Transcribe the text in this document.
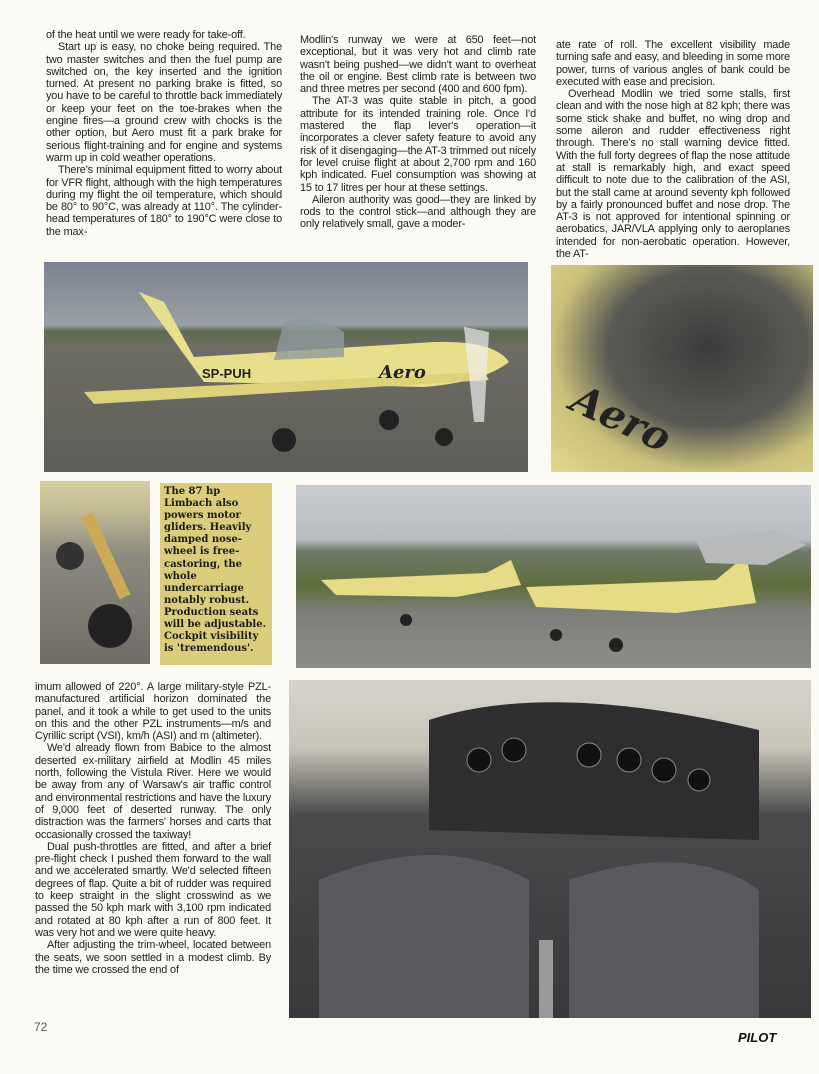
of the heat until we were ready for take-off.

Start up is easy, no choke being required. The two master switches and then the fuel pump are switched on, the key inserted and the ignition turned. At present no parking brake is fitted, so you have to be careful to throttle back immediately or keep your feet on the toe-brakes when the engine fires—a ground crew with chocks is the other option, but Aero must fit a park brake for serious flight-training and for engine and systems warm up in cold weather operations.

There's minimal equipment fitted to worry about for VFR flight, although with the high temperatures during my flight the oil temperature, which should be 80° to 90°C, was already at 110°. The cylinder-head temperatures of 180° to 190°C were close to the max-

Modlin's runway we were at 650 feet—not exceptional, but it was very hot and climb rate wasn't being pushed—we didn't want to overheat the oil or engine. Best climb rate is between two and three metres per second (400 and 600 fpm).

The AT-3 was quite stable in pitch, a good attribute for its intended training role. Once I'd mastered the flap lever's operation—it incorporates a clever safety feature to avoid any risk of it disengaging—the AT-3 trimmed out nicely for level cruise flight at about 2,700 rpm and 160 kph indicated. Fuel consumption was showing at 15 to 17 litres per hour at these settings.

Aileron authority was good—they are linked by rods to the control stick—and although they are only relatively small, gave a moder-

ate rate of roll. The excellent visibility made turning safe and easy, and bleeding in some more power, turns of various angles of bank could be executed with ease and precision.

Overhead Modlin we tried some stalls, first clean and with the nose high at 82 kph; there was some stick shake and buffet, no wing drop and some aileron and rudder effectiveness right through. There's no stall warning device fitted. With the full forty degrees of flap the nose attitude at stall is remarkably high, and exact speed difficult to note due to the calibration of the ASI, but the stall came at around seventy kph followed by a fairly pronounced buffet and nose drop. The AT-3 is not approved for intentional spinning or aerobatics, JAR/VLA applying only to aeroplanes intended for non-aerobatic operation. However, the AT-

imum allowed of 220°. A large military-style PZL-manufactured artificial horizon dominated the panel, and it took a while to get used to the units on this and the other PZL instruments—m/s and Cyrillic script (VSI), km/h (ASI) and m (altimeter).

We'd already flown from Babice to the almost deserted ex-military airfield at Modlin 45 miles north, following the Vistula River. Here we would be away from any of Warsaw's air traffic control and environmental restrictions and have the luxury of 9,000 feet of deserted runway. The only distraction was the farmers' horses and carts that occasionally crossed the taxiway!

Dual push-throttles are fitted, and after a brief pre-flight check I pushed them forward to the wall and we accelerated smartly. We'd selected fifteen degrees of flap. Quite a bit of rudder was required to keep straight in the slight crosswind as we passed the 50 kph mark with 3,100 rpm indicated and rotated at 80 kph after a run of 800 feet. It was very hot and we were quite heavy.

After adjusting the trim-wheel, located between the seats, we soon settled in a modest climb. By the time we crossed the end of

SP-PUH	Aero
Aero
The 87 hp Limbach also powers motor gliders. Heavily damped nose-wheel is free-castoring, the whole undercarriage notably robust. Production seats will be adjustable. Cockpit visibility is 'tremendous'.
72
PILOT
